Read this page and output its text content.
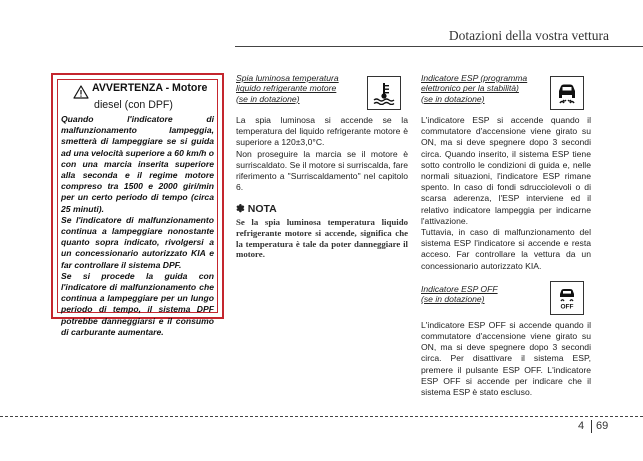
Dotazioni della vostra vettura
AVVERTENZA - Motore
diesel (con DPF)

Quando l'indicatore di malfunzionamento lampeggia, smetterà di lampeggiare se si guida ad una velocità superiore a 60 km/h o con una marcia inserita superiore alla seconda e il regime motore compreso tra 1500 e 2000 giri/min per un certo periodo di tempo (circa 25 minuti).

Se l'indicatore di malfunzionamento continua a lampeggiare nonostante quanto sopra indicato, rivolgersi a un concessionario autorizzato KIA e far controllare il sistema DPF.

Se si procede la guida con l'indicatore di malfunzionamento che continua a lampeggiare per un lungo periodo di tempo, il sistema DPF potrebbe danneggiarsi e il consumo di carburante aumentare.

Spia luminosa temperatura
liquido refrigerante motore
(se in dotazione)

La spia luminosa si accende se la temperatura del liquido refrigerante motore è superiore a 120±3,0°C.

Non proseguire la marcia se il motore è surriscaldato. Se il motore si surriscalda, fare riferimento a "Surriscaldamento" nel capitolo 6.

✽ NOTA
Se la spia luminosa temperatura liquido refrigerante motore si accende, significa che la temperatura è tale da poter danneggiare il motore.
Indicatore ESP (programma
elettronico per la stabilità)
(se in dotazione)

L'indicatore ESP si accende quando il commutatore d'accensione viene girato su ON, ma si deve spegnere dopo 3 secondi circa. Quando inserito, il sistema ESP tiene sotto controllo le condizioni di guida e, nelle normali situazioni, l'indicatore ESP rimane spento. In caso di fondi sdrucciolevoli o di scarsa aderenza, l'ESP interviene ed il relativo indicatore lampeggia per indicarne l'attivazione.

Tuttavia, in caso di malfunzionamento del sistema ESP l'indicatore si accende e resta acceso. Far controllare la vettura da un concessionario autorizzato KIA.

Indicatore ESP OFF
(se in dotazione)
OFF

L'indicatore ESP OFF si accende quando il commutatore d'accensione viene girato su ON, ma si deve spegnere dopo 3 secondi circa. Per disattivare il sistema ESP, premere il pulsante ESP OFF. L'indicatore ESP OFF si accende per indicare che il sistema ESP è stato escluso.

4	69
